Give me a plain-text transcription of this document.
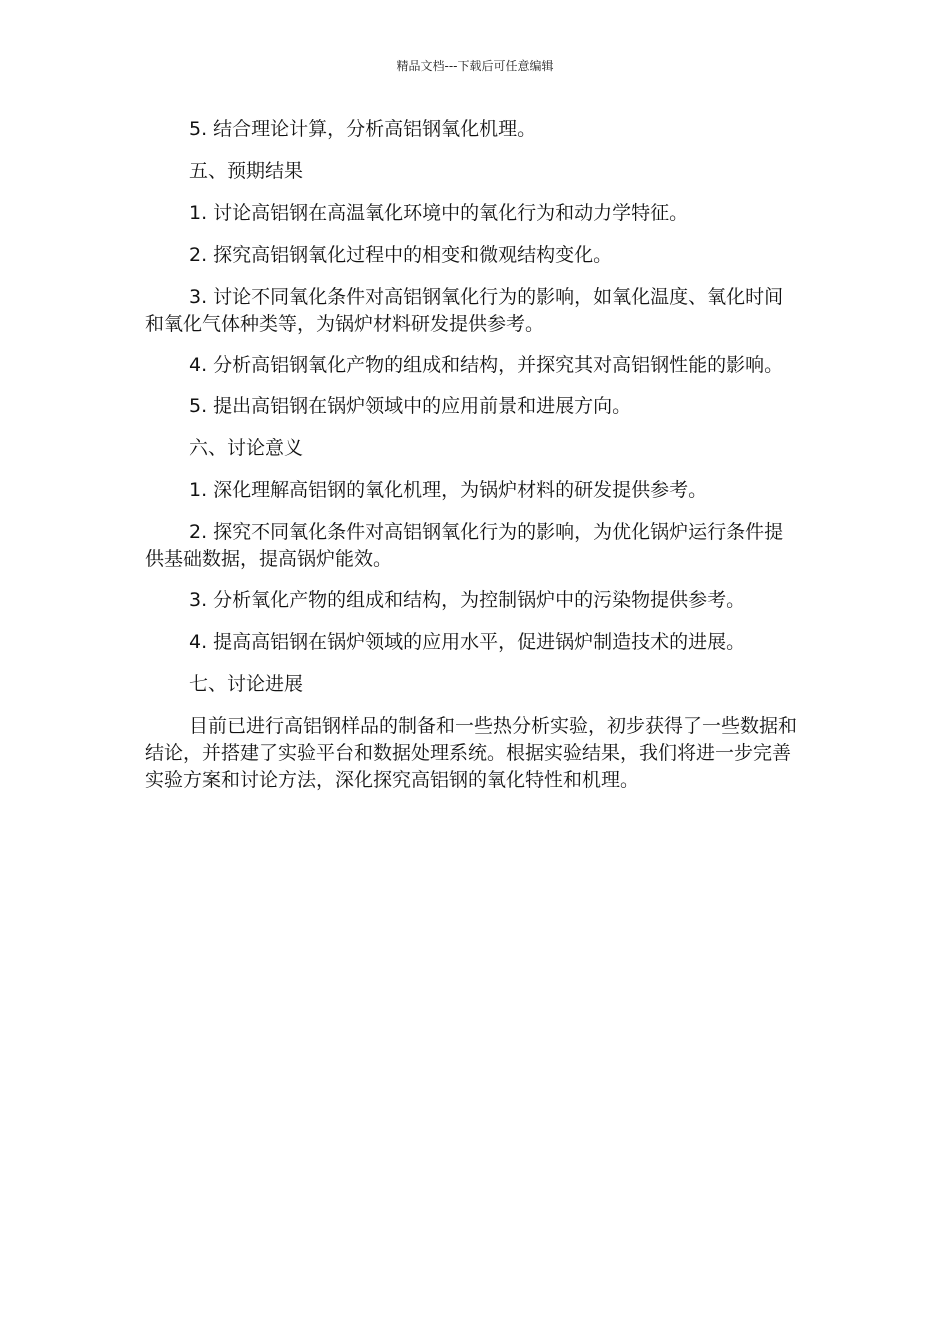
精品文档---下载后可任意编辑

5. 结合理论计算，分析高铝钢氧化机理。

五、预期结果

1. 讨论高铝钢在高温氧化环境中的氧化行为和动力学特征。

2. 探究高铝钢氧化过程中的相变和微观结构变化。

3. 讨论不同氧化条件对高铝钢氧化行为的影响，如氧化温度、氧化时间和氧化气体种类等，为锅炉材料研发提供参考。

4. 分析高铝钢氧化产物的组成和结构，并探究其对高铝钢性能的影响。

5. 提出高铝钢在锅炉领域中的应用前景和进展方向。

六、讨论意义

1. 深化理解高铝钢的氧化机理，为锅炉材料的研发提供参考。

2. 探究不同氧化条件对高铝钢氧化行为的影响，为优化锅炉运行条件提供基础数据，提高锅炉能效。

3. 分析氧化产物的组成和结构，为控制锅炉中的污染物提供参考。

4. 提高高铝钢在锅炉领域的应用水平，促进锅炉制造技术的进展。

七、讨论进展

目前已进行高铝钢样品的制备和一些热分析实验，初步获得了一些数据和结论，并搭建了实验平台和数据处理系统。根据实验结果，我们将进一步完善实验方案和讨论方法，深化探究高铝钢的氧化特性和机理。
